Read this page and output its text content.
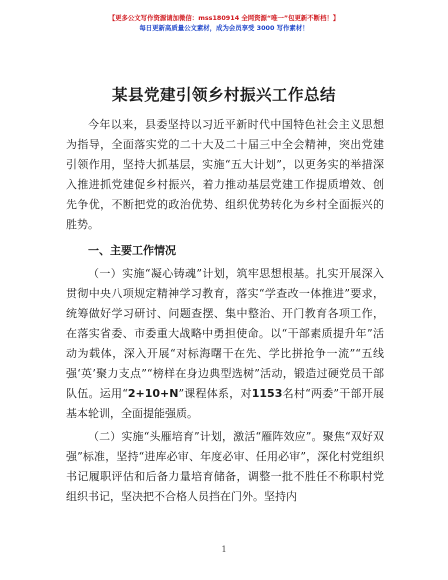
【更多公文写作资源请加微信：mss180914 全网资源“唯一”包更新不断档！】
每日更新高质量公文素材，成为会员享受 3000 写作素材！
某县党建引领乡村振兴工作总结

今年以来，县委坚持以习近平新时代中国特色社会主义思想为指导，全面落实党的二十大及二十届三中全会精神，突出党建引领作用，坚持大抓基层，实施“五大计划”，以更务实的举措深入推进抓党建促乡村振兴，着力推动基层党建工作提质增效、创先争优，不断把党的政治优势、组织优势转化为乡村全面振兴的胜势。

一、主要工作情况

（一）实施“凝心铸魂”计划，筑牢思想根基。扎实开展深入贯彻中央八项规定精神学习教育，落实“学查改一体推进”要求，统筹做好学习研讨、问题查摆、集中整治、开门教育各项工作，在落实省委、市委重大战略中勇担使命。以“干部素质提升年”活动为载体，深入开展“对标海曙干在先、学比拼抢争一流”“五线强‘英’聚力支点”“榜样在身边典型选树”活动，锻造过硬党员干部队伍。运用“2+10+N”课程体系，对1153名村“两委”干部开展基本轮训，全面提能强质。

（二）实施“头雁培育”计划，激活“雁阵效应”。聚焦“双好双强”标准，坚持“进库必审、年度必审、任用必审”，深化村党组织书记履职评估和后备力量培育储备，调整一批不胜任不称职村党组织书记，坚决把不合格人员挡在门外。坚持内

1
